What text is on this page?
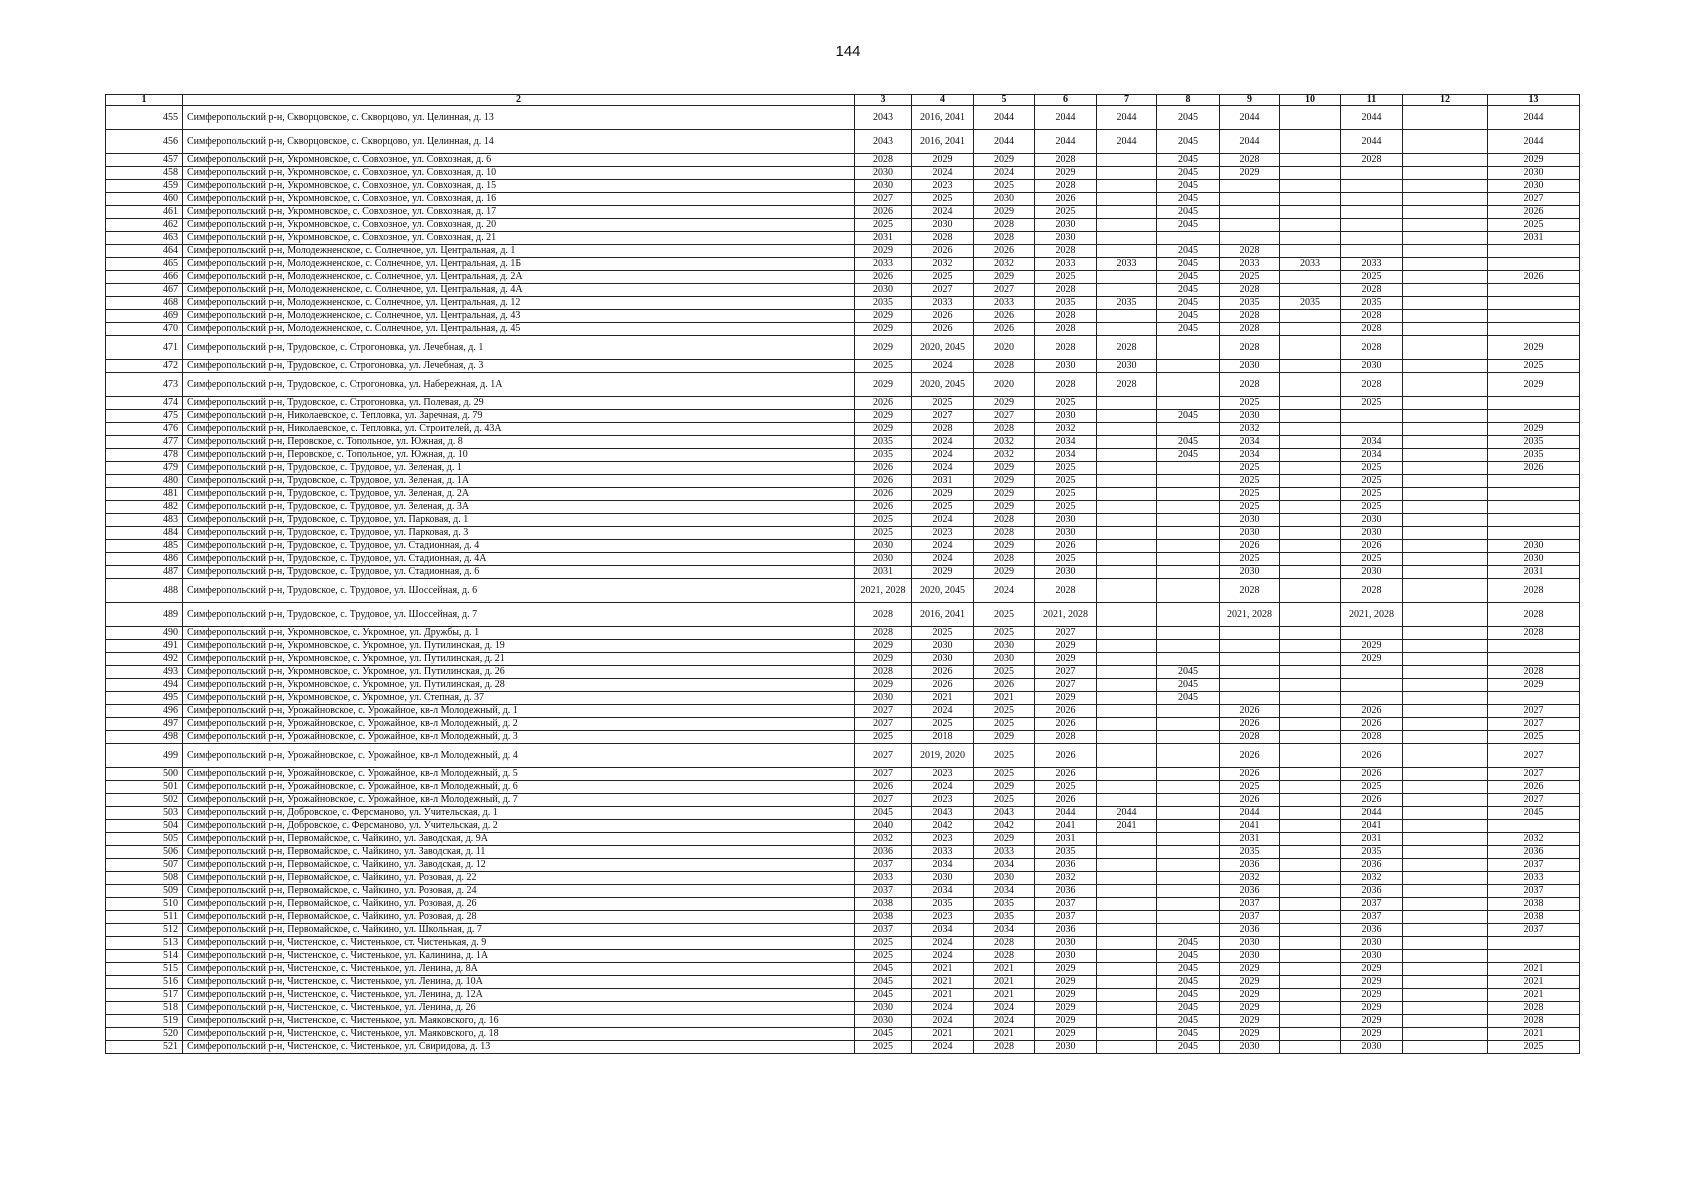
144
1	2	3	4	5	6	7	8	9	10	11	12	13
455	Симферопольский р-н, Скворцовское, с. Скворцово, ул. Целинная, д. 13	2043	2016, 2041	2044	2044	2044	2045	2044		2044		2044
456	Симферопольский р-н, Скворцовское, с. Скворцово, ул. Целинная, д. 14	2043	2016, 2041	2044	2044	2044	2045	2044		2044		2044
457	Симферопольский р-н, Укромновское, с. Совхозное, ул. Совхозная, д. 6	2028	2029	2029	2028		2045	2028		2028		2029
458	Симферопольский р-н, Укромновское, с. Совхозное, ул. Совхозная, д. 10	2030	2024	2024	2029		2045	2029				2030
459	Симферопольский р-н, Укромновское, с. Совхозное, ул. Совхозная, д. 15	2030	2023	2025	2028		2045					2030
460	Симферопольский р-н, Укромновское, с. Совхозное, ул. Совхозная, д. 16	2027	2025	2030	2026		2045					2027
461	Симферопольский р-н, Укромновское, с. Совхозное, ул. Совхозная, д. 17	2026	2024	2029	2025		2045					2026
462	Симферопольский р-н, Укромновское, с. Совхозное, ул. Совхозная, д. 20	2025	2030	2028	2030		2045					2025
463	Симферопольский р-н, Укромновское, с. Совхозное, ул. Совхозная, д. 21	2031	2028	2028	2030							2031
464	Симферопольский р-н, Молодежненское, с. Солнечное, ул. Центральная, д. 1	2029	2026	2026	2028		2045	2028				
465	Симферопольский р-н, Молодежненское, с. Солнечное, ул. Центральная, д. 1Б	2033	2032	2032	2033	2033	2045	2033	2033	2033		
466	Симферопольский р-н, Молодежненское, с. Солнечное, ул. Центральная, д. 2А	2026	2025	2029	2025		2045	2025		2025		2026
467	Симферопольский р-н, Молодежненское, с. Солнечное, ул. Центральная, д. 4А	2030	2027	2027	2028		2045	2028		2028		
468	Симферопольский р-н, Молодежненское, с. Солнечное, ул. Центральная, д. 12	2035	2033	2033	2035	2035	2045	2035	2035	2035		
469	Симферопольский р-н, Молодежненское, с. Солнечное, ул. Центральная, д. 43	2029	2026	2026	2028		2045	2028		2028		
470	Симферопольский р-н, Молодежненское, с. Солнечное, ул. Центральная, д. 45	2029	2026	2026	2028		2045	2028		2028		
471	Симферопольский р-н, Трудовское, с. Строгоновка, ул. Лечебная, д. 1	2029	2020, 2045	2020	2028	2028		2028		2028		2029
472	Симферопольский р-н, Трудовское, с. Строгоновка, ул. Лечебная, д. 3	2025	2024	2028	2030	2030		2030		2030		2025
473	Симферопольский р-н, Трудовское, с. Строгоновка, ул. Набережная, д. 1А	2029	2020, 2045	2020	2028	2028		2028		2028		2029
474	Симферопольский р-н, Трудовское, с. Строгоновка, ул. Полевая, д. 29	2026	2025	2029	2025			2025		2025		
475	Симферопольский р-н, Николаевское, с. Тепловка, ул. Заречная, д. 79	2029	2027	2027	2030		2045	2030				
476	Симферопольский р-н, Николаевское, с. Тепловка, ул. Строителей, д. 43А	2029	2028	2028	2032			2032				2029
477	Симферопольский р-н, Перовское, с. Топольное, ул. Южная, д. 8	2035	2024	2032	2034		2045	2034		2034		2035
478	Симферопольский р-н, Перовское, с. Топольное, ул. Южная, д. 10	2035	2024	2032	2034		2045	2034		2034		2035
479	Симферопольский р-н, Трудовское, с. Трудовое, ул. Зеленая, д. 1	2026	2024	2029	2025			2025		2025		2026
480	Симферопольский р-н, Трудовское, с. Трудовое, ул. Зеленая, д. 1А	2026	2031	2029	2025			2025		2025		
481	Симферопольский р-н, Трудовское, с. Трудовое, ул. Зеленая, д. 2А	2026	2029	2029	2025			2025		2025		
482	Симферопольский р-н, Трудовское, с. Трудовое, ул. Зеленая, д. 3А	2026	2025	2029	2025			2025		2025		
483	Симферопольский р-н, Трудовское, с. Трудовое, ул. Парковая, д. 1	2025	2024	2028	2030			2030		2030		
484	Симферопольский р-н, Трудовское, с. Трудовое, ул. Парковая, д. 3	2025	2023	2028	2030			2030		2030		
485	Симферопольский р-н, Трудовское, с. Трудовое, ул. Стадионная, д. 4	2030	2024	2029	2026			2026		2026		2030
486	Симферопольский р-н, Трудовское, с. Трудовое, ул. Стадионная, д. 4А	2030	2024	2028	2025			2025		2025		2030
487	Симферопольский р-н, Трудовское, с. Трудовое, ул. Стадионная, д. 6	2031	2029	2029	2030			2030		2030		2031
488	Симферопольский р-н, Трудовское, с. Трудовое, ул. Шоссейная, д. 6	2021, 2028	2020, 2045	2024	2028			2028		2028		2028
489	Симферопольский р-н, Трудовское, с. Трудовое, ул. Шоссейная, д. 7	2028	2016, 2041	2025	2021, 2028			2021, 2028		2021, 2028		2028
490	Симферопольский р-н, Укромновское, с. Укромное, ул. Дружбы, д. 1	2028	2025	2025	2027							2028
491	Симферопольский р-н, Укромновское, с. Укромное, ул. Путилинская, д. 19	2029	2030	2030	2029					2029		
492	Симферопольский р-н, Укромновское, с. Укромное, ул. Путилинская, д. 21	2029	2030	2030	2029					2029		
493	Симферопольский р-н, Укромновское, с. Укромное, ул. Путилинская, д. 26	2028	2026	2025	2027		2045					2028
494	Симферопольский р-н, Укромновское, с. Укромное, ул. Путилинская, д. 28	2029	2026	2026	2027		2045					2029
495	Симферопольский р-н, Укромновское, с. Укромное, ул. Степная, д. 37	2030	2021	2021	2029		2045					
496	Симферопольский р-н, Урожайновское, с. Урожайное, кв-л Молодежный, д. 1	2027	2024	2025	2026			2026		2026		2027
497	Симферопольский р-н, Урожайновское, с. Урожайное, кв-л Молодежный, д. 2	2027	2025	2025	2026			2026		2026		2027
498	Симферопольский р-н, Урожайновское, с. Урожайное, кв-л Молодежный, д. 3	2025	2018	2029	2028			2028		2028		2025
499	Симферопольский р-н, Урожайновское, с. Урожайное, кв-л Молодежный, д. 4	2027	2019, 2020	2025	2026			2026		2026		2027
500	Симферопольский р-н, Урожайновское, с. Урожайное, кв-л Молодежный, д. 5	2027	2023	2025	2026			2026		2026		2027
501	Симферопольский р-н, Урожайновское, с. Урожайное, кв-л Молодежный, д. 6	2026	2024	2029	2025			2025		2025		2026
502	Симферопольский р-н, Урожайновское, с. Урожайное, кв-л Молодежный, д. 7	2027	2023	2025	2026			2026		2026		2027
503	Симферопольский р-н, Добровское, с. Ферсманово, ул. Учительская, д. 1	2045	2043	2043	2044	2044		2044		2044		2045
504	Симферопольский р-н, Добровское, с. Ферсманово, ул. Учительская, д. 2	2040	2042	2042	2041	2041		2041		2041		
505	Симферопольский р-н, Первомайское, с. Чайкино, ул. Заводская, д. 9А	2032	2023	2029	2031			2031		2031		2032
506	Симферопольский р-н, Первомайское, с. Чайкино, ул. Заводская, д. 11	2036	2033	2033	2035			2035		2035		2036
507	Симферопольский р-н, Первомайское, с. Чайкино, ул. Заводская, д. 12	2037	2034	2034	2036			2036		2036		2037
508	Симферопольский р-н, Первомайское, с. Чайкино, ул. Розовая, д. 22	2033	2030	2030	2032			2032		2032		2033
509	Симферопольский р-н, Первомайское, с. Чайкино, ул. Розовая, д. 24	2037	2034	2034	2036			2036		2036		2037
510	Симферопольский р-н, Первомайское, с. Чайкино, ул. Розовая, д. 26	2038	2035	2035	2037			2037		2037		2038
511	Симферопольский р-н, Первомайское, с. Чайкино, ул. Розовая, д. 28	2038	2023	2035	2037			2037		2037		2038
512	Симферопольский р-н, Первомайское, с. Чайкино, ул. Школьная, д. 7	2037	2034	2034	2036			2036		2036		2037
513	Симферопольский р-н, Чистенское, с. Чистенькое, ст. Чистенькая, д. 9	2025	2024	2028	2030		2045	2030		2030		
514	Симферопольский р-н, Чистенское, с. Чистенькое, ул. Калинина, д. 1А	2025	2024	2028	2030		2045	2030		2030		
515	Симферопольский р-н, Чистенское, с. Чистенькое, ул. Ленина, д. 8А	2045	2021	2021	2029		2045	2029		2029		2021
516	Симферопольский р-н, Чистенское, с. Чистенькое, ул. Ленина, д. 10А	2045	2021	2021	2029		2045	2029		2029		2021
517	Симферопольский р-н, Чистенское, с. Чистенькое, ул. Ленина, д. 12А	2045	2021	2021	2029		2045	2029		2029		2021
518	Симферопольский р-н, Чистенское, с. Чистенькое, ул. Ленина, д. 26	2030	2024	2024	2029		2045	2029		2029		2028
519	Симферопольский р-н, Чистенское, с. Чистенькое, ул. Маяковского, д. 16	2030	2024	2024	2029		2045	2029		2029		2028
520	Симферопольский р-н, Чистенское, с. Чистенькое, ул. Маяковского, д. 18	2045	2021	2021	2029		2045	2029		2029		2021
521	Симферопольский р-н, Чистенское, с. Чистенькое, ул. Свиридова, д. 13	2025	2024	2028	2030		2045	2030		2030		2025
